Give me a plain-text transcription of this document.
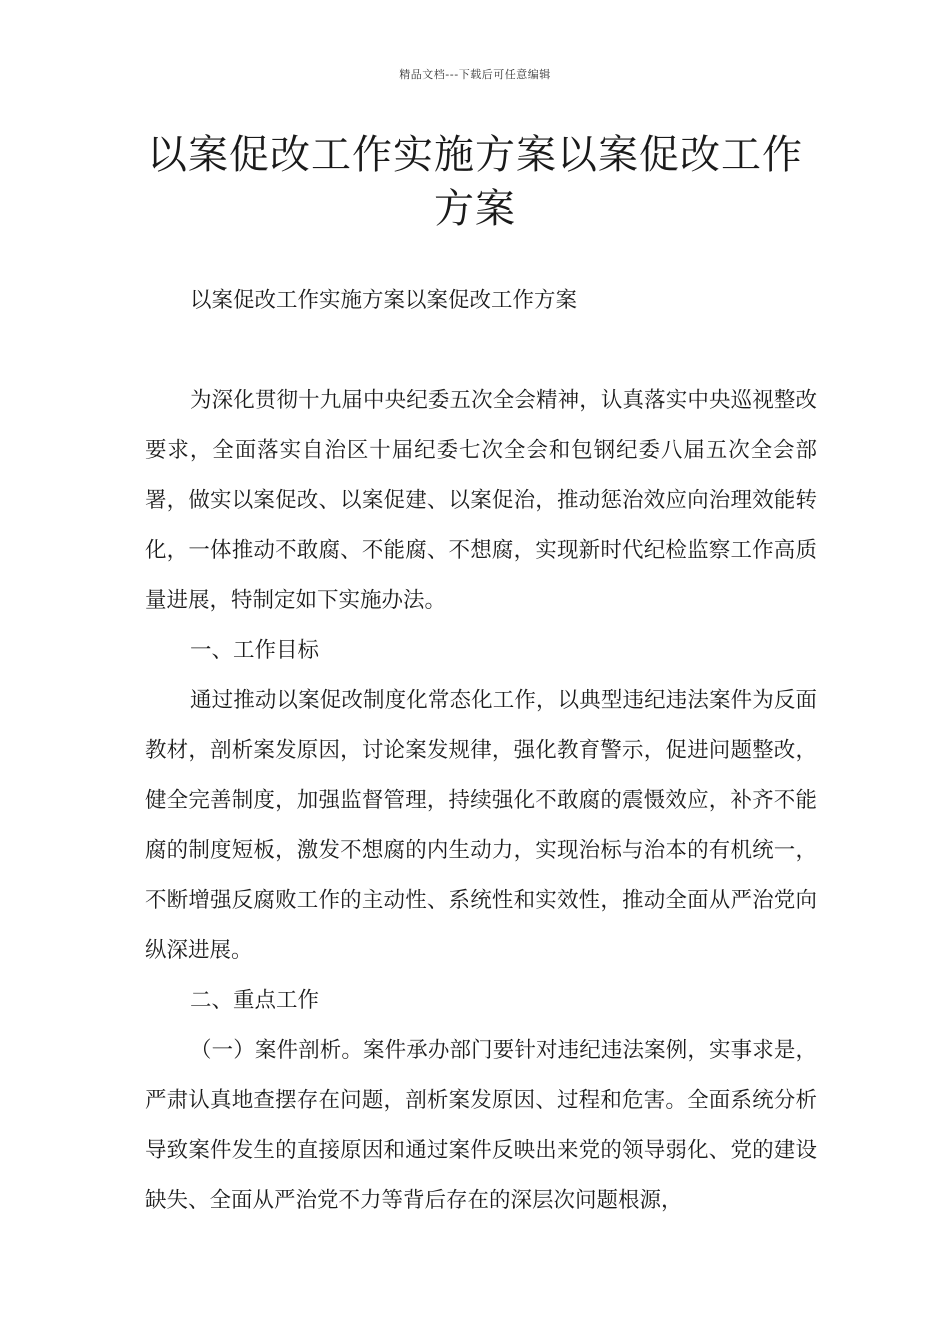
精品文档---下载后可任意编辑
以案促改工作实施方案以案促改工作方案

以案促改工作实施方案以案促改工作方案

为深化贯彻十九届中央纪委五次全会精神，认真落实中央巡视整改要求，全面落实自治区十届纪委七次全会和包钢纪委八届五次全会部署，做实以案促改、以案促建、以案促治，推动惩治效应向治理效能转化，一体推动不敢腐、不能腐、不想腐，实现新时代纪检监察工作高质量进展，特制定如下实施办法。

一、工作目标

通过推动以案促改制度化常态化工作，以典型违纪违法案件为反面教材，剖析案发原因，讨论案发规律，强化教育警示，促进问题整改，健全完善制度，加强监督管理，持续强化不敢腐的震慑效应，补齐不能腐的制度短板，激发不想腐的内生动力，实现治标与治本的有机统一，不断增强反腐败工作的主动性、系统性和实效性，推动全面从严治党向纵深进展。

二、重点工作

（一）案件剖析。案件承办部门要针对违纪违法案例，实事求是，严肃认真地查摆存在问题，剖析案发原因、过程和危害。全面系统分析导致案件发生的直接原因和通过案件反映出来党的领导弱化、党的建设缺失、全面从严治党不力等背后存在的深层次问题根源，
